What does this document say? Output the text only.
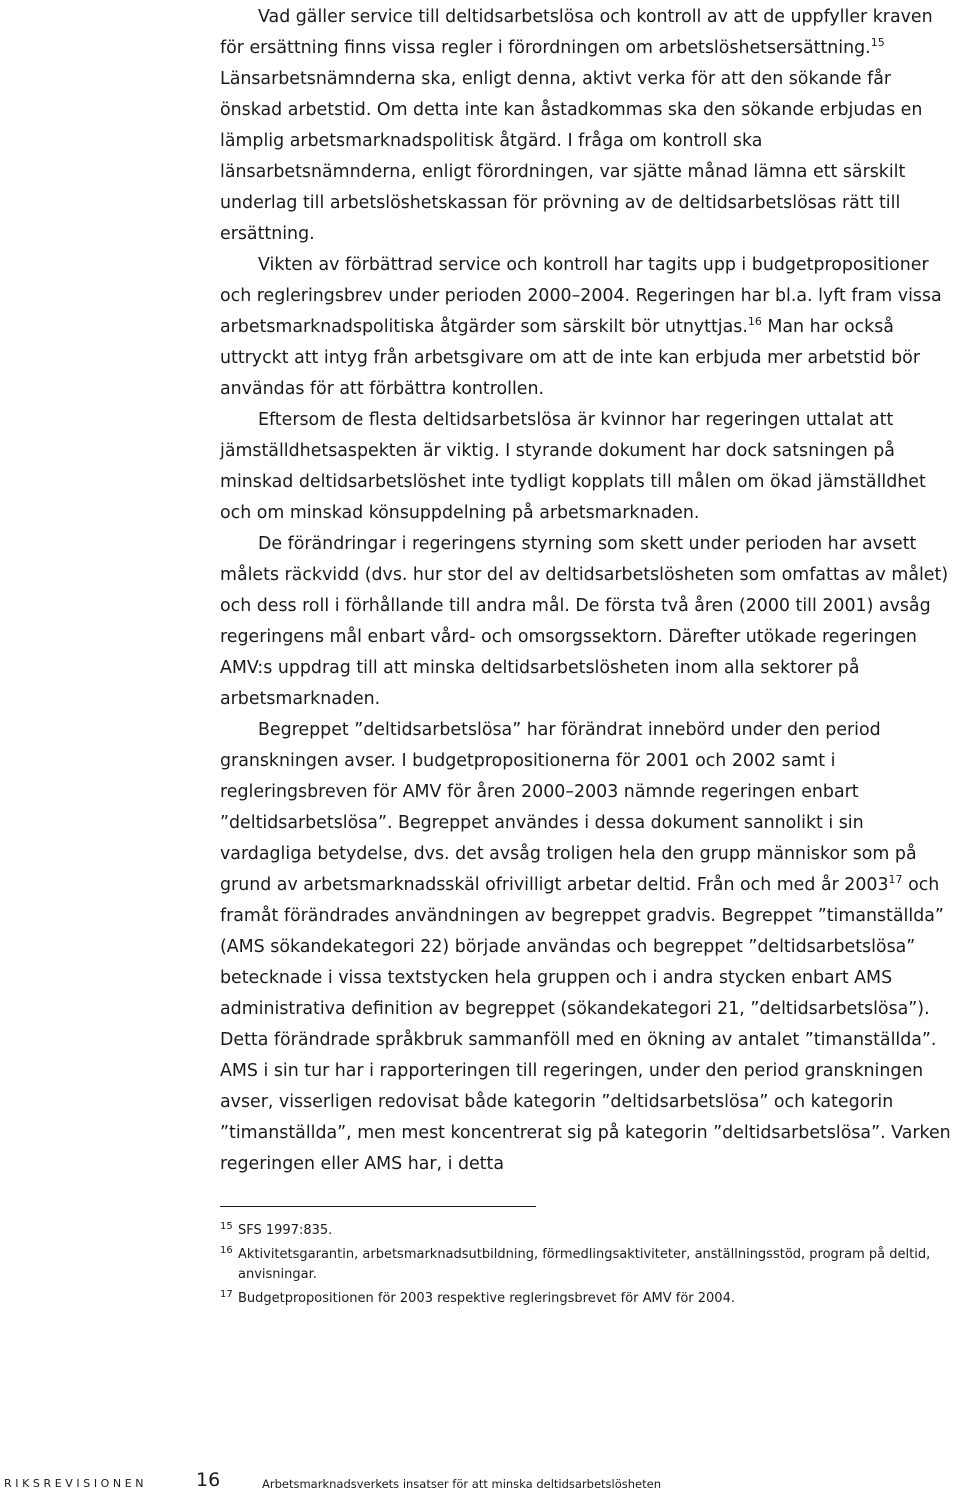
Vad gäller service till deltidsarbetslösa och kontroll av att de uppfyller kraven för ersättning finns vissa regler i förordningen om arbetslöshetsersättning.$^{15}$ Länsarbetsnämnderna ska, enligt denna, aktivt verka för att den sökande får önskad arbetstid. Om detta inte kan åstadkommas ska den sökande erbjudas en lämplig arbetsmarknadspolitisk åtgärd. I fråga om kontroll ska länsarbetsnämnderna, enligt förordningen, var sjätte månad lämna ett särskilt underlag till arbetslöshetskassan för prövning av de deltidsarbetslösas rätt till ersättning.

Vikten av förbättrad service och kontroll har tagits upp i budgetpropositioner och regleringsbrev under perioden 2000–2004. Regeringen har bl.a. lyft fram vissa arbetsmarknadspolitiska åtgärder som särskilt bör utnyttjas.$^{16}$ Man har också uttryckt att intyg från arbetsgivare om att de inte kan erbjuda mer arbetstid bör användas för att förbättra kontrollen.

Eftersom de flesta deltidsarbetslösa är kvinnor har regeringen uttalat att jämställdhetsaspekten är viktig. I styrande dokument har dock satsningen på minskad deltidsarbetslöshet inte tydligt kopplats till målen om ökad jämställdhet och om minskad könsuppdelning på arbetsmarknaden.

De förändringar i regeringens styrning som skett under perioden har avsett målets räckvidd (dvs. hur stor del av deltidsarbetslösheten som omfattas av målet) och dess roll i förhållande till andra mål. De första två åren (2000 till 2001) avsåg regeringens mål enbart vård- och omsorgssektorn. Därefter utökade regeringen AMV:s uppdrag till att minska deltidsarbetslösheten inom alla sektorer på arbetsmarknaden.

Begreppet ”deltidsarbetslösa” har förändrat innebörd under den period granskningen avser. I budgetpropositionerna för 2001 och 2002 samt i regleringsbreven för AMV för åren 2000–2003 nämnde regeringen enbart ”deltidsarbetslösa”. Begreppet användes i dessa dokument sannolikt i sin vardagliga betydelse, dvs. det avsåg troligen hela den grupp människor som på grund av arbetsmarknadsskäl ofrivilligt arbetar deltid. Från och med år 2003$^{17}$ och framåt förändrades användningen av begreppet gradvis. Begreppet ”timanställda” (AMS sökandekategori 22) började användas och begreppet ”deltidsarbetslösa” betecknade i vissa textstycken hela gruppen och i andra stycken enbart AMS administrativa definition av begreppet (sökandekategori 21, ”deltidsarbetslösa”). Detta förändrade språkbruk sammanföll med en ökning av antalet ”timanställda”. AMS i sin tur har i rapporteringen till regeringen, under den period granskningen avser, visserligen redovisat både kategorin ”deltidsarbetslösa” och kategorin ”timanställda”, men mest koncentrerat sig på kategorin ”deltidsarbetslösa”. Varken regeringen eller AMS har, i detta

15 SFS 1997:835.
16 Aktivitetsgarantin, arbetsmarknadsutbildning, förmedlingsaktiviteter, anställningsstöd, program på deltid, anvisningar.
17 Budgetpropositionen för 2003 respektive regleringsbrevet för AMV för 2004.
RIKSREVISIONEN	16	Arbetsmarknadsverkets insatser för att minska deltidsarbetslösheten
